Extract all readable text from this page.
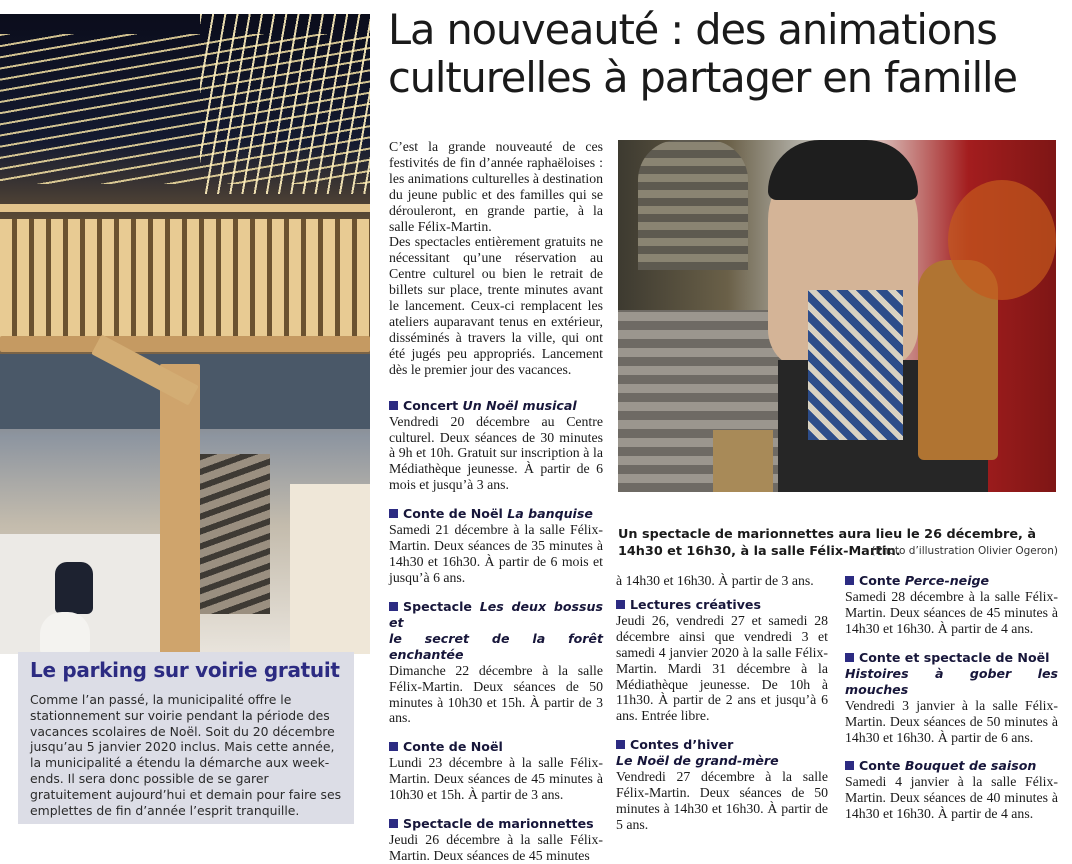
Le parking sur voirie gratuit
Comme l’an passé, la municipalité offre le stationnement sur voirie pendant la période des vacances scolaires de Noël. Soit du 20 décembre jusqu’au 5 janvier 2020 inclus. Mais cette année, la municipalité a étendu la démarche aux week-ends. Il sera donc possible de se garer gratuitement aujourd’hui et demain pour faire ses emplettes de fin d’année l’esprit tranquille.
La nouveauté : des animations
culturelles à partager en famille

C’est la grande nouveauté de ces festivités de fin d’année raphaëloises : les animations culturelles à destination du jeune public et des familles qui se dérouleront, en grande partie, à la salle Félix-Martin.

Des spectacles entièrement gratuits ne nécessitant qu’une réservation au Centre culturel ou bien le retrait de billets sur place, trente minutes avant le lancement. Ceux-ci remplacent les ateliers auparavant tenus en extérieur, disséminés à travers la ville, qui ont été jugés peu appropriés. Lancement dès le premier jour des vacances.

Concert Un Noël musical

Vendredi 20 décembre au Centre culturel. Deux séances de 30 minutes à 9h et 10h. Gratuit sur inscription à la Médiathèque jeunesse. À partir de 6 mois et jusqu’à 3 ans.

Conte de Noël La banquise

Samedi 21 décembre à la salle Félix-Martin. Deux séances de 35 minutes à 14h30 et 16h30. À partir de 6 mois et jusqu’à 6 ans.

Spectacle Les deux bossus et
le secret de la forêt enchantée

Dimanche 22 décembre à la salle Félix-Martin. Deux séances de 50 minutes à 10h30 et 15h. À partir de 3 ans.

Conte de Noël

Lundi 23 décembre à la salle Félix-Martin. Deux séances de 45 minutes à 10h30 et 15h. À partir de 3 ans.

Spectacle de marionnettes

Jeudi 26 décembre à la salle Félix-Martin. Deux séances de 45 minutes

Un spectacle de marionnettes aura lieu le 26 décembre, à 14h30 et 16h30, à la salle Félix-Martin.
(Photo d’illustration Olivier Ogeron)

à 14h30 et 16h30. À partir de 3 ans.

Lectures créatives

Jeudi 26, vendredi 27 et samedi 28 décembre ainsi que vendredi 3 et samedi 4 janvier 2020 à la salle Félix-Martin. Mardi 31 décembre à la Médiathèque jeunesse. De 10h à 11h30. À partir de 2 ans et jusqu’à 6 ans. Entrée libre.

Contes d’hiver
Le Noël de grand-mère

Vendredi 27 décembre à la salle Félix-Martin. Deux séances de 50 minutes à 14h30 et 16h30. À partir de 5 ans.

Conte Perce-neige

Samedi 28 décembre à la salle Félix-Martin. Deux séances de 45 minutes à 14h30 et 16h30. À partir de 4 ans.

Conte et spectacle de Noël
Histoires à gober les mouches

Vendredi 3 janvier à la salle Félix-Martin. Deux séances de 50 minutes à 14h30 et 16h30. À partir de 6 ans.

Conte Bouquet de saison

Samedi 4 janvier à la salle Félix-Martin. Deux séances de 40 minutes à 14h30 et 16h30. À partir de 4 ans.
